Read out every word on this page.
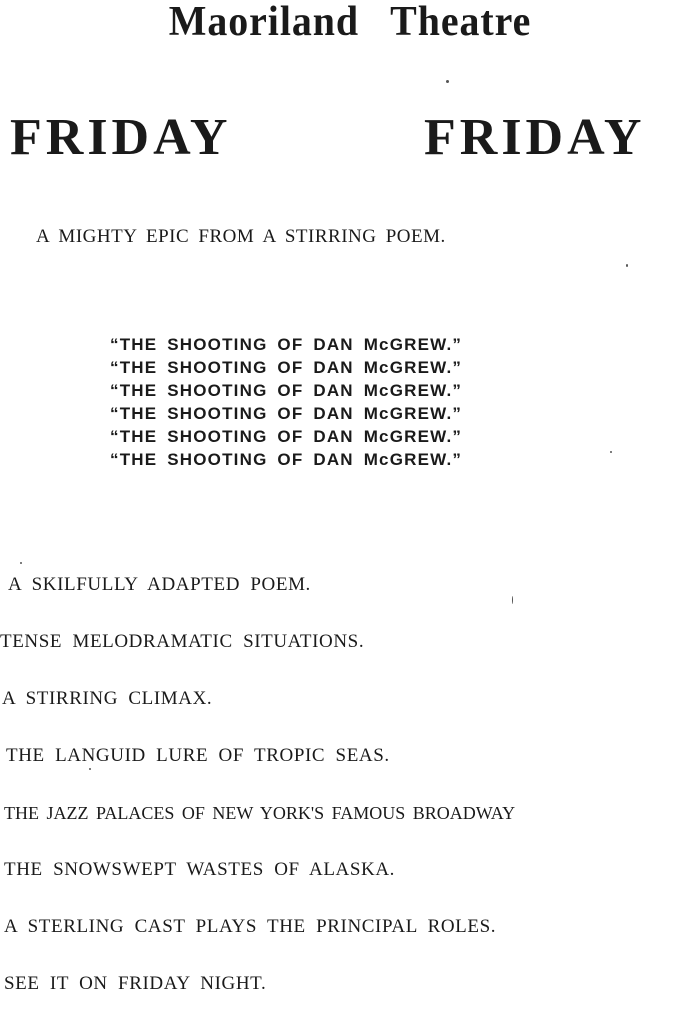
Maoriland Theatre
FRIDAY	FRIDAY
A MIGHTY EPIC FROM A STIRRING POEM.
“THE SHOOTING OF DAN McGREW.”
“THE SHOOTING OF DAN McGREW.”
“THE SHOOTING OF DAN McGREW.”
“THE SHOOTING OF DAN McGREW.”
“THE SHOOTING OF DAN McGREW.”
“THE SHOOTING OF DAN McGREW.”
A SKILFULLY ADAPTED POEM.
TENSE MELODRAMATIC SITUATIONS.
A STIRRING CLIMAX.
THE LANGUID LURE OF TROPIC SEAS.
THE JAZZ PALACES OF NEW YORK'S FAMOUS BROADWAY
THE SNOWSWEPT WASTES OF ALASKA.
A STERLING CAST PLAYS THE PRINCIPAL ROLES.
SEE IT ON FRIDAY NIGHT.
